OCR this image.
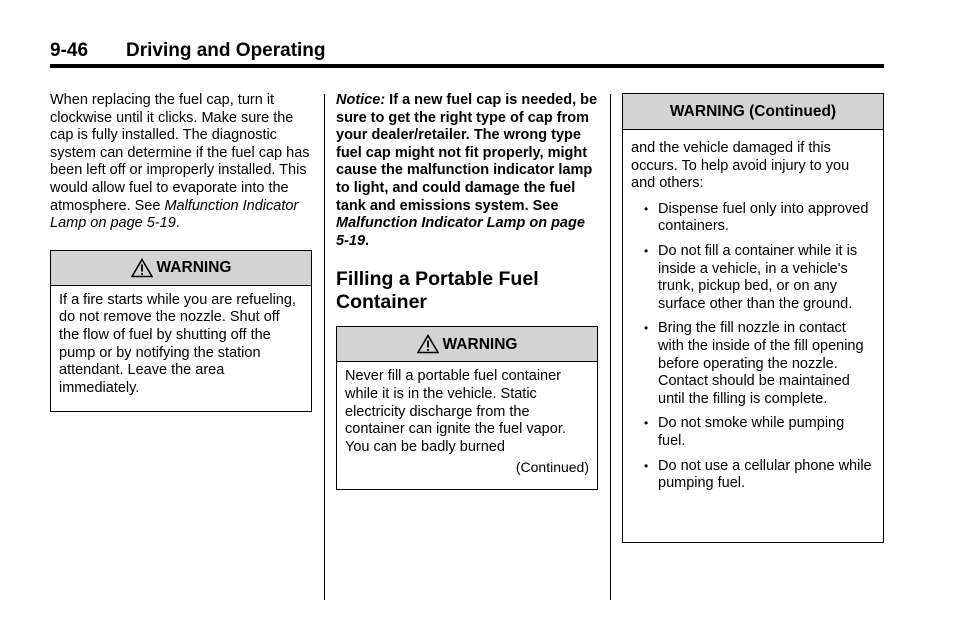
9-46 Driving and Operating

When replacing the fuel cap, turn it clockwise until it clicks. Make sure the cap is fully installed. The diagnostic system can determine if the fuel cap has been left off or improperly installed. This would allow fuel to evaporate into the atmosphere. See Malfunction Indicator Lamp on page 5-19.

WARNING
If a fire starts while you are refueling, do not remove the nozzle. Shut off the flow of fuel by shutting off the pump or by notifying the station attendant. Leave the area immediately.

Notice: If a new fuel cap is needed, be sure to get the right type of cap from your dealer/retailer. The wrong type fuel cap might not fit properly, might cause the malfunction indicator lamp to light, and could damage the fuel tank and emissions system. See Malfunction Indicator Lamp on page 5-19.

Filling a Portable Fuel Container

WARNING

Never fill a portable fuel container while it is in the vehicle. Static electricity discharge from the container can ignite the fuel vapor. You can be badly burned

(Continued)

WARNING (Continued)

and the vehicle damaged if this occurs. To help avoid injury to you and others:

• Dispense fuel only into approved containers.
• Do not fill a container while it is inside a vehicle, in a vehicle's trunk, pickup bed, or on any surface other than the ground.
• Bring the fill nozzle in contact with the inside of the fill opening before operating the nozzle. Contact should be maintained until the filling is complete.
• Do not smoke while pumping fuel.
• Do not use a cellular phone while pumping fuel.
